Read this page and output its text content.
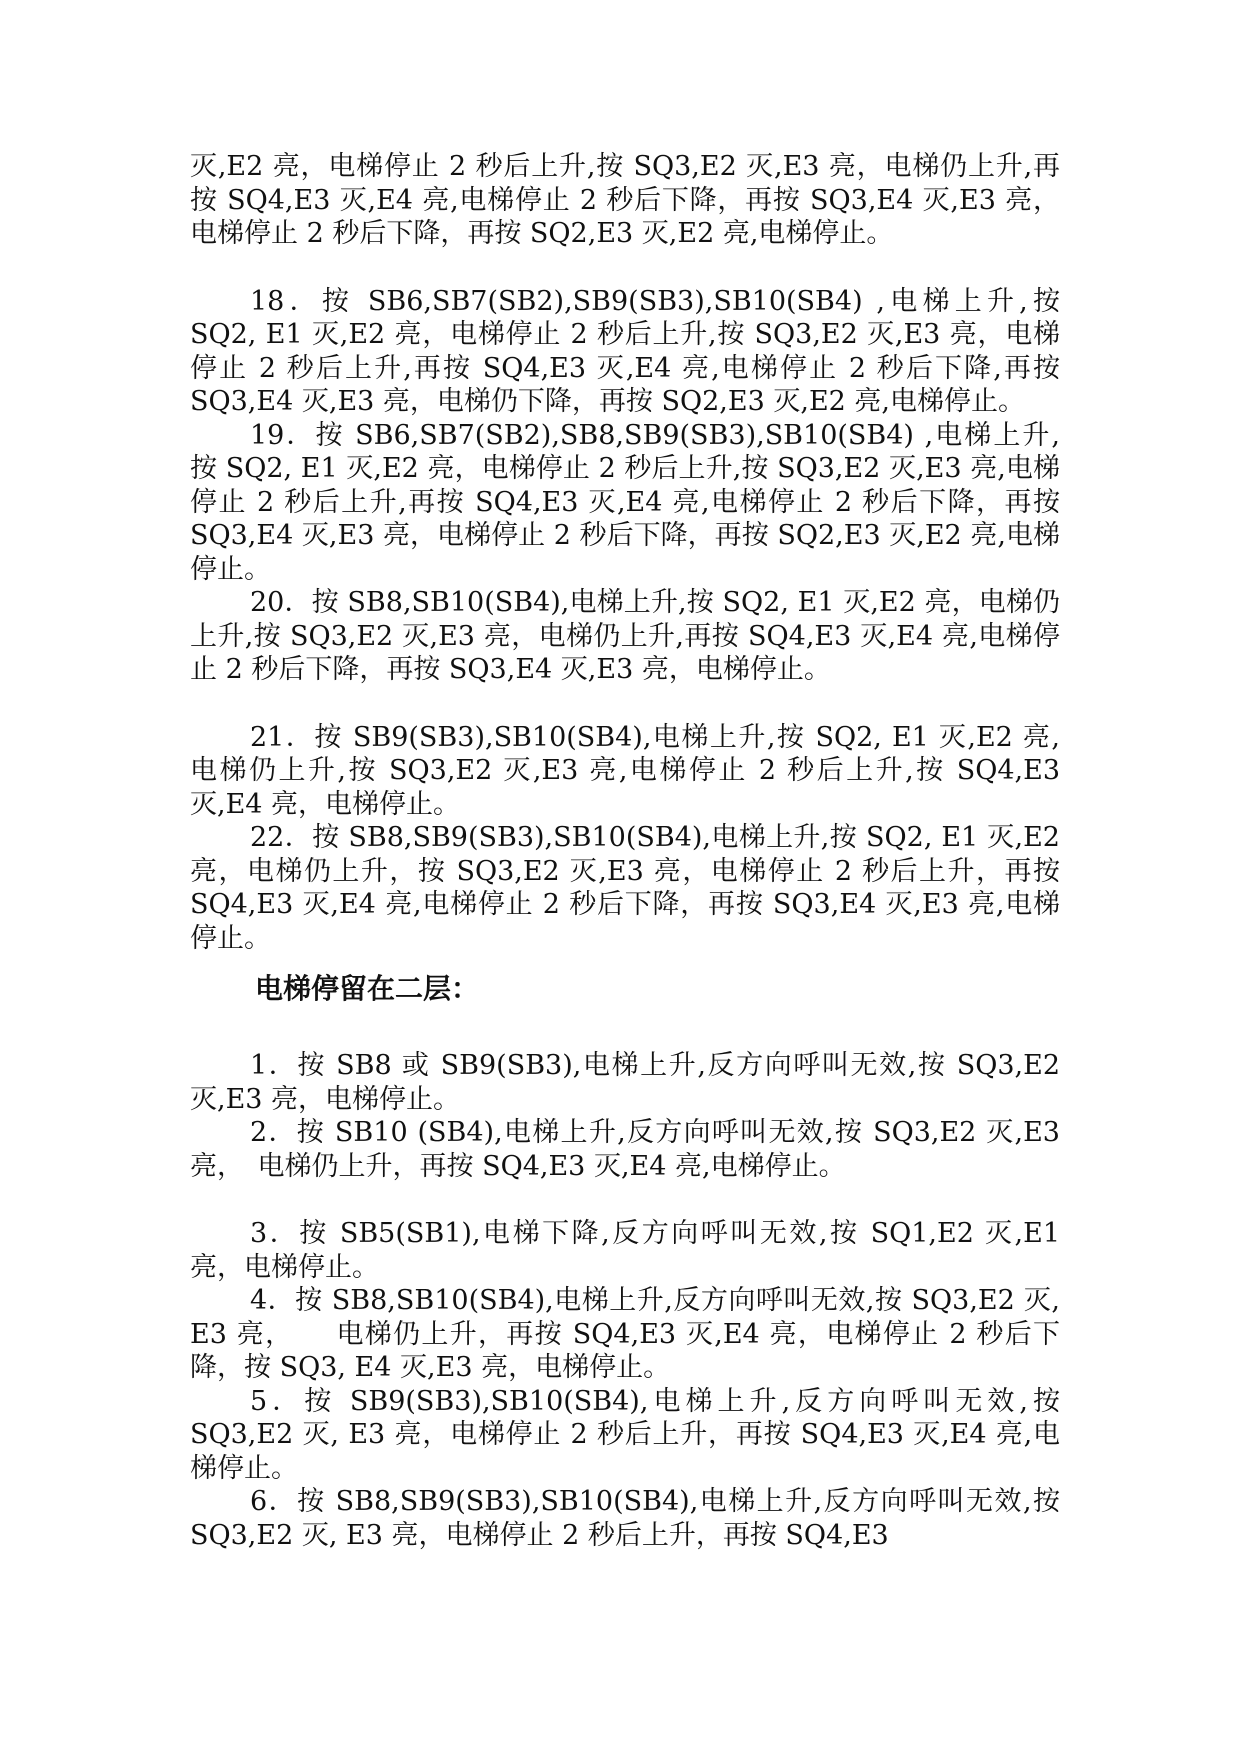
灭,E2 亮，电梯停止 2 秒后上升,按 SQ3,E2 灭,E3 亮，电梯仍上升,再按 SQ4,E3 灭,E4 亮,电梯停止 2 秒后下降，再按 SQ3,E4 灭,E3 亮，电梯停止 2 秒后下降，再按 SQ2,E3 灭,E2 亮,电梯停止。

18．按 SB6,SB7(SB2),SB9(SB3),SB10(SB4) ,电梯上升,按 SQ2, E1 灭,E2 亮，电梯停止 2 秒后上升,按 SQ3,E2 灭,E3 亮，电梯停止 2 秒后上升,再按 SQ4,E3 灭,E4 亮,电梯停止 2 秒后下降,再按 SQ3,E4 灭,E3 亮，电梯仍下降，再按 SQ2,E3 灭,E2 亮,电梯停止。

19．按 SB6,SB7(SB2),SB8,SB9(SB3),SB10(SB4) ,电梯上升,按 SQ2, E1 灭,E2 亮，电梯停止 2 秒后上升,按 SQ3,E2 灭,E3 亮,电梯停止 2 秒后上升,再按 SQ4,E3 灭,E4 亮,电梯停止 2 秒后下降，再按 SQ3,E4 灭,E3 亮，电梯停止 2 秒后下降，再按 SQ2,E3 灭,E2 亮,电梯停止。

20．按 SB8,SB10(SB4),电梯上升,按 SQ2, E1 灭,E2 亮，电梯仍上升,按 SQ3,E2 灭,E3 亮，电梯仍上升,再按 SQ4,E3 灭,E4 亮,电梯停止 2 秒后下降，再按 SQ3,E4 灭,E3 亮，电梯停止。

21．按 SB9(SB3),SB10(SB4),电梯上升,按 SQ2, E1 灭,E2 亮,电梯仍上升,按 SQ3,E2 灭,E3 亮,电梯停止 2 秒后上升,按 SQ4,E3 灭,E4 亮，电梯停止。

22．按 SB8,SB9(SB3),SB10(SB4),电梯上升,按 SQ2, E1 灭,E2 亮，电梯仍上升，按 SQ3,E2 灭,E3 亮，电梯停止 2 秒后上升，再按 SQ4,E3 灭,E4 亮,电梯停止 2 秒后下降，再按 SQ3,E4 灭,E3 亮,电梯停止。

电梯停留在二层：

1．按 SB8 或 SB9(SB3),电梯上升,反方向呼叫无效,按 SQ3,E2 灭,E3 亮，电梯停止。

2．按 SB10 (SB4),电梯上升,反方向呼叫无效,按 SQ3,E2 灭,E3 亮，　电梯仍上升，再按 SQ4,E3 灭,E4 亮,电梯停止。

3．按 SB5(SB1),电梯下降,反方向呼叫无效,按 SQ1,E2 灭,E1 亮，电梯停止。

4．按 SB8,SB10(SB4),电梯上升,反方向呼叫无效,按 SQ3,E2 灭, E3 亮，　　电梯仍上升，再按 SQ4,E3 灭,E4 亮，电梯停止 2 秒后下降，按 SQ3, E4 灭,E3 亮，电梯停止。

5．按 SB9(SB3),SB10(SB4),电梯上升,反方向呼叫无效,按 SQ3,E2 灭, E3 亮，电梯停止 2 秒后上升，再按 SQ4,E3 灭,E4 亮,电梯停止。

6．按 SB8,SB9(SB3),SB10(SB4),电梯上升,反方向呼叫无效,按　　　　SQ3,E2 灭, E3 亮，电梯停止 2 秒后上升，再按 SQ4,E3
